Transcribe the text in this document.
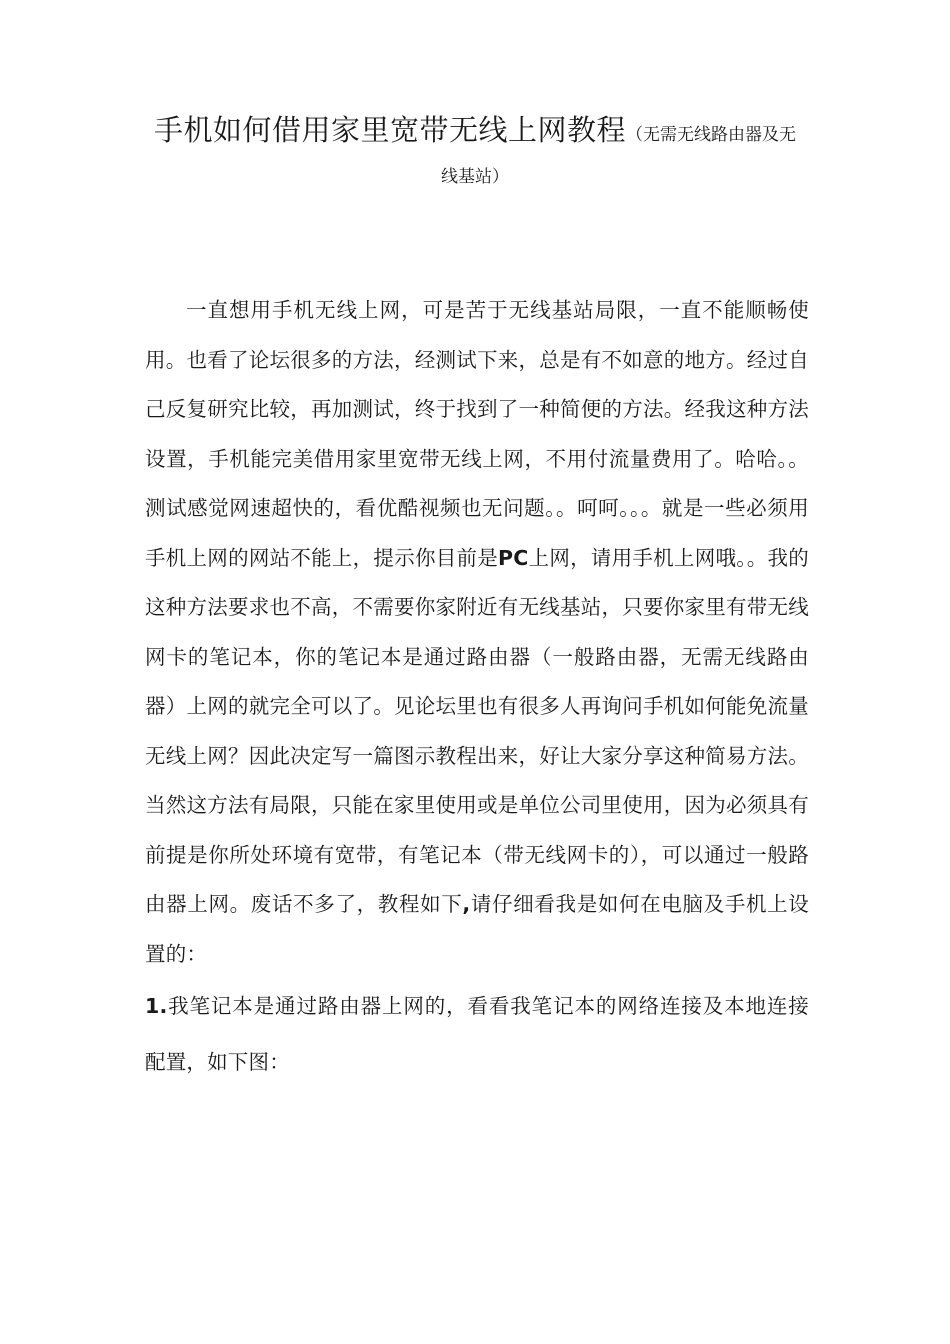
手机如何借用家里宽带无线上网教程（无需无线路由器及无
线基站）
一直想用手机无线上网，可是苦于无线基站局限，一直不能顺畅使用。也看了论坛很多的方法，经测试下来，总是有不如意的地方。经过自己反复研究比较，再加测试，终于找到了一种简便的方法。经我这种方法设置，手机能完美借用家里宽带无线上网，不用付流量费用了。哈哈。。测试感觉网速超快的，看优酷视频也无问题。。呵呵。。。就是一些必须用手机上网的网站不能上，提示你目前是PC上网，请用手机上网哦。。我的这种方法要求也不高，不需要你家附近有无线基站，只要你家里有带无线网卡的笔记本，你的笔记本是通过路由器（一般路由器，无需无线路由器）上网的就完全可以了。见论坛里也有很多人再询问手机如何能免流量无线上网？因此决定写一篇图示教程出来，好让大家分享这种简易方法。当然这方法有局限，只能在家里使用或是单位公司里使用，因为必须具有前提是你所处环境有宽带，有笔记本（带无线网卡的），可以通过一般路由器上网。废话不多了，教程如下,请仔细看我是如何在电脑及手机上设置的：
1.我笔记本是通过路由器上网的，看看我笔记本的网络连接及本地连接配置，如下图：
